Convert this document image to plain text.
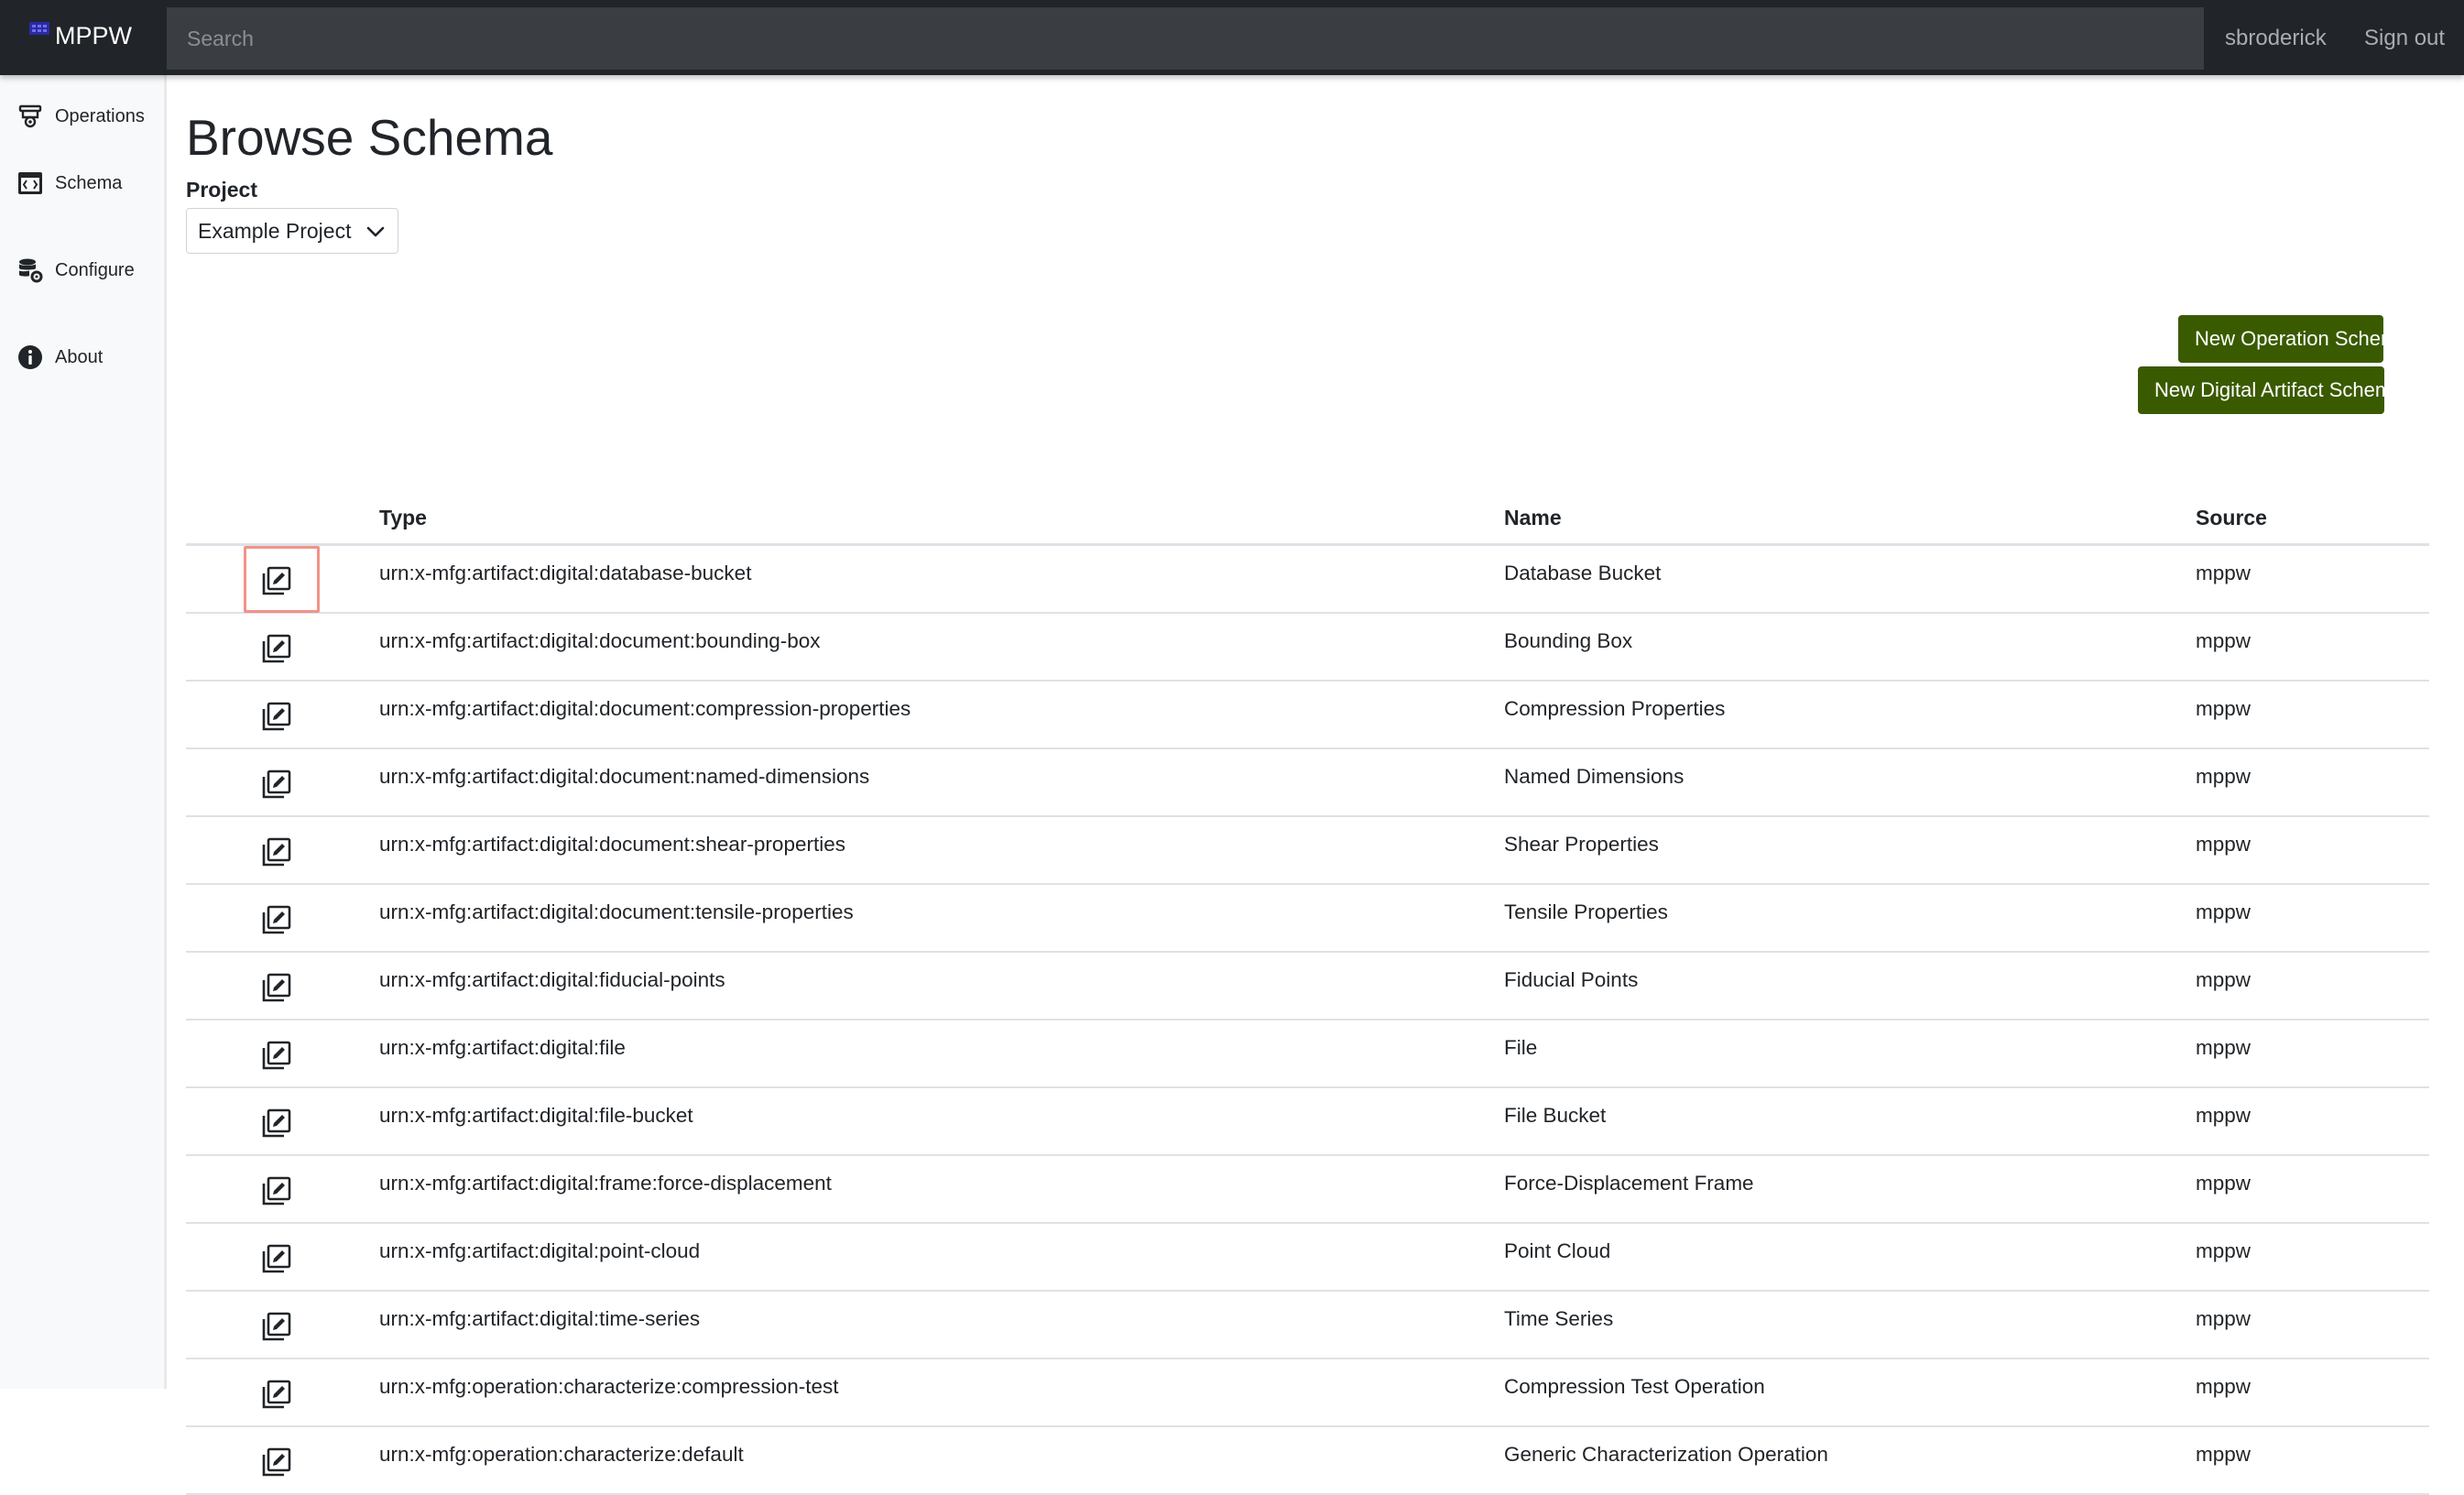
MPPW
Search	sbroderick Sign out
Operations
Schema
Configure
About
Browse Schema
Project
Example Project
New Operation Schema
New Digital Artifact Schema
Type	Name	Source
urn:x-mfg:artifact:digital:database-bucket	Database Bucket	mppw
urn:x-mfg:artifact:digital:document:bounding-box	Bounding Box	mppw
urn:x-mfg:artifact:digital:document:compression-properties	Compression Properties	mppw
urn:x-mfg:artifact:digital:document:named-dimensions	Named Dimensions	mppw
urn:x-mfg:artifact:digital:document:shear-properties	Shear Properties	mppw
urn:x-mfg:artifact:digital:document:tensile-properties	Tensile Properties	mppw
urn:x-mfg:artifact:digital:fiducial-points	Fiducial Points	mppw
urn:x-mfg:artifact:digital:file	File	mppw
urn:x-mfg:artifact:digital:file-bucket	File Bucket	mppw
urn:x-mfg:artifact:digital:frame:force-displacement	Force-Displacement Frame	mppw
urn:x-mfg:artifact:digital:point-cloud	Point Cloud	mppw
urn:x-mfg:artifact:digital:time-series	Time Series	mppw
urn:x-mfg:operation:characterize:compression-test	Compression Test Operation	mppw
urn:x-mfg:operation:characterize:default	Generic Characterization Operation	mppw
